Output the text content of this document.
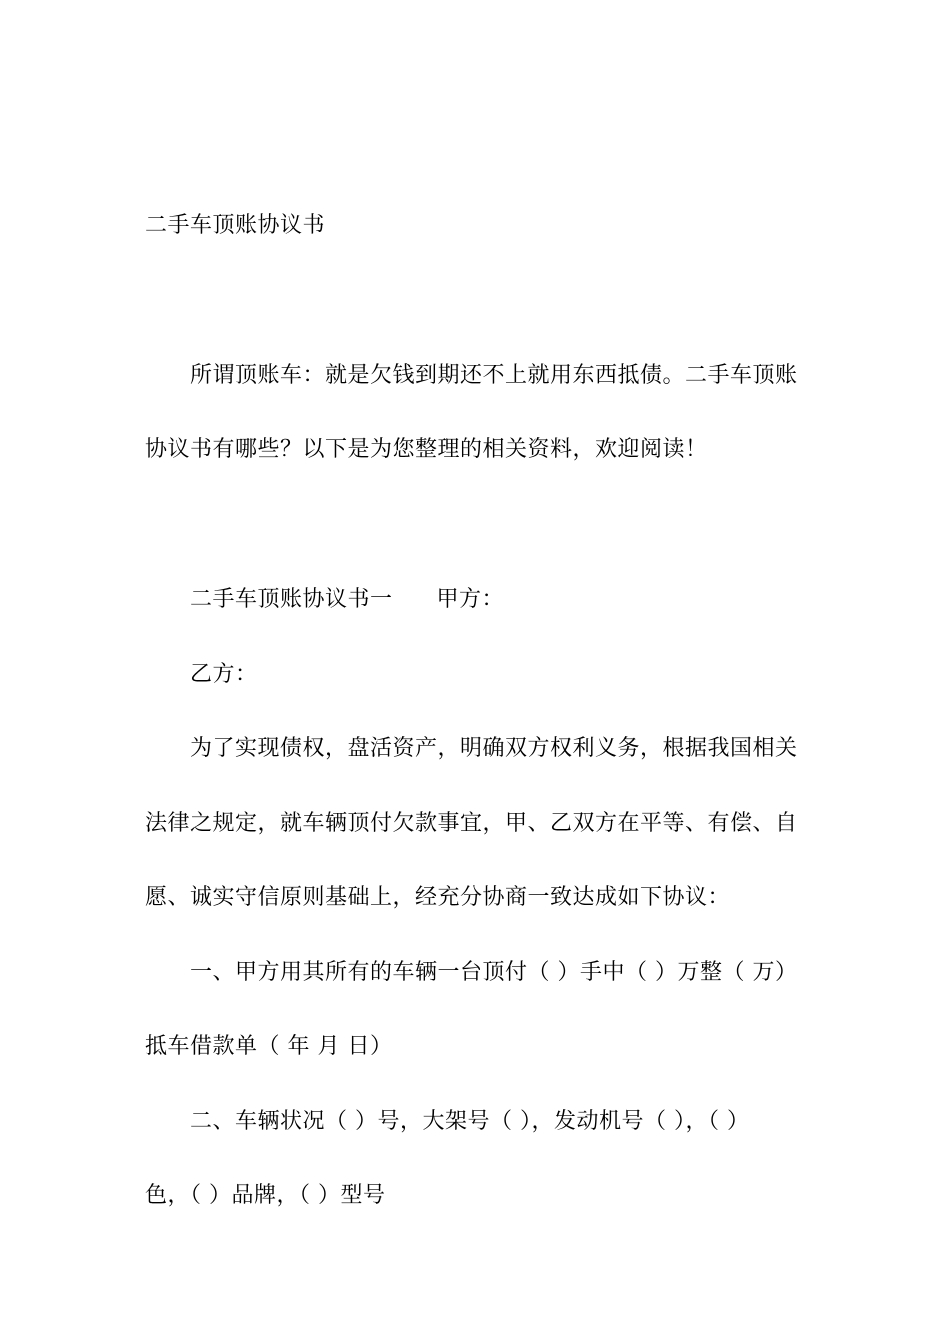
二手车顶账协议书
所谓顶账车：就是欠钱到期还不上就用东西抵债。二手车顶账
协议书有哪些？以下是为您整理的相关资料，欢迎阅读！
二手车顶账协议书一 甲方：
乙方：
为了实现债权，盘活资产，明确双方权利义务，根据我国相关
法律之规定，就车辆顶付欠款事宜，甲、乙双方在平等、有偿、自
愿、诚实守信原则基础上，经充分协商一致达成如下协议：
一、甲方用其所有的车辆一台顶付（ ）手中（ ）万整（ 万）
抵车借款单（ 年 月 日）
二、车辆状况（ ）号，大架号（ ），发动机号（ ），（ ）
色，（ ）品牌，（ ）型号
